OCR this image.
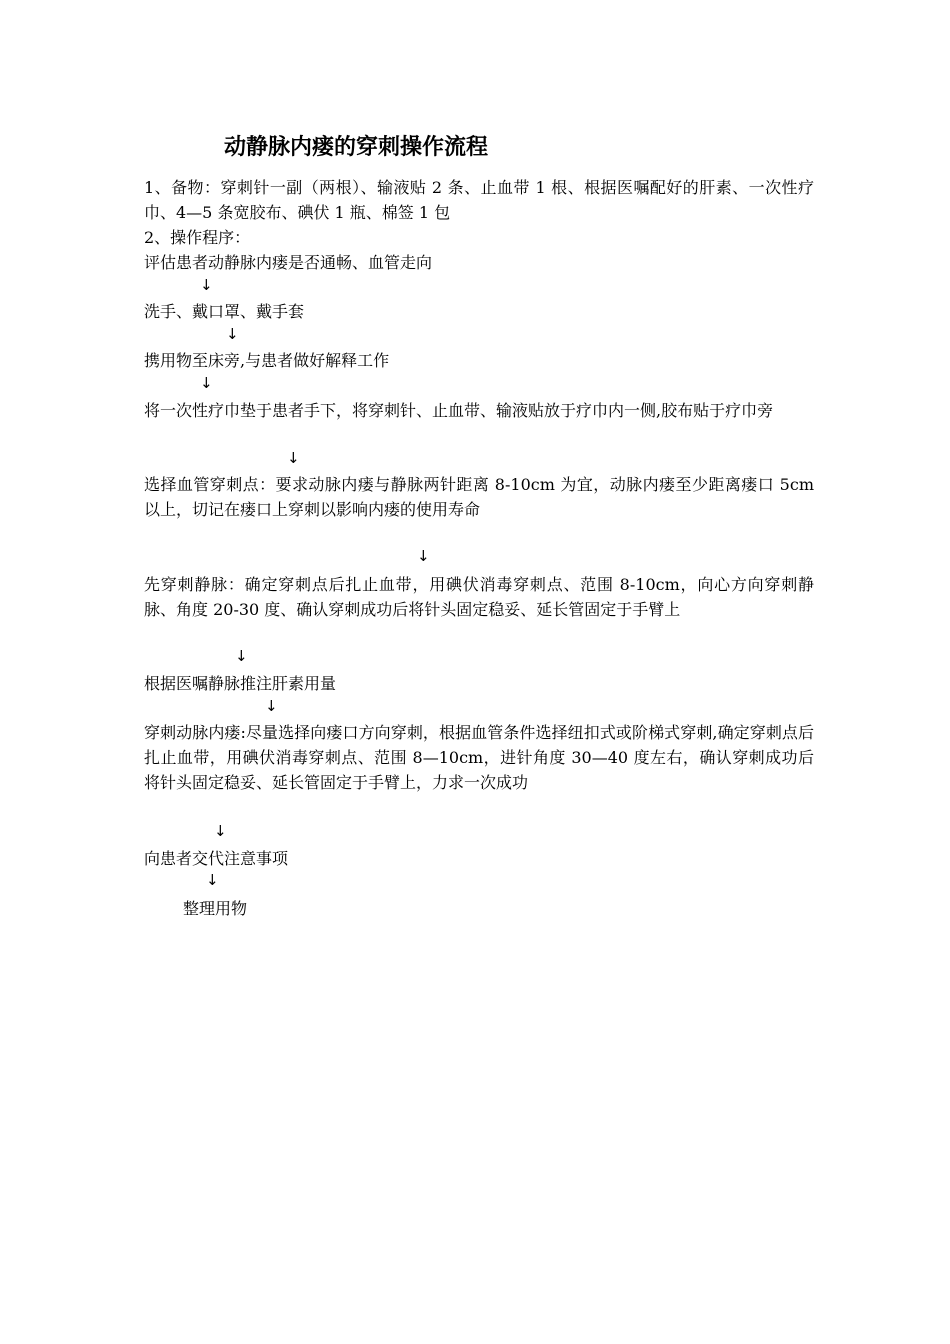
动静脉内瘘的穿刺操作流程
1、备物：穿刺针一副（两根）、输液贴 2 条、止血带 1 根、根据医嘱配好的肝素、一次性疗巾、4—5 条宽胶布、碘伏 1 瓶、棉签 1 包
2、操作程序：
评估患者动静脉内瘘是否通畅、血管走向
↓
洗手、戴口罩、戴手套
↓
携用物至床旁,与患者做好解释工作
↓
将一次性疗巾垫于患者手下，将穿刺针、止血带、输液贴放于疗巾内一侧,胶布贴于疗巾旁
↓
选择血管穿刺点：要求动脉内瘘与静脉两针距离 8-10cm 为宜，动脉内瘘至少距离瘘口 5cm 以上，切记在瘘口上穿刺以影响内瘘的使用寿命
↓
先穿刺静脉：确定穿刺点后扎止血带，用碘伏消毒穿刺点、范围 8-10cm，向心方向穿刺静脉、角度 20-30 度、确认穿刺成功后将针头固定稳妥、延长管固定于手臂上
↓
根据医嘱静脉推注肝素用量
↓
穿刺动脉内瘘:尽量选择向瘘口方向穿刺，根据血管条件选择纽扣式或阶梯式穿刺,确定穿刺点后扎止血带，用碘伏消毒穿刺点、范围 8—10cm，进针角度 30—40 度左右，确认穿刺成功后将针头固定稳妥、延长管固定于手臂上，力求一次成功
↓
向患者交代注意事项
↓
整理用物
